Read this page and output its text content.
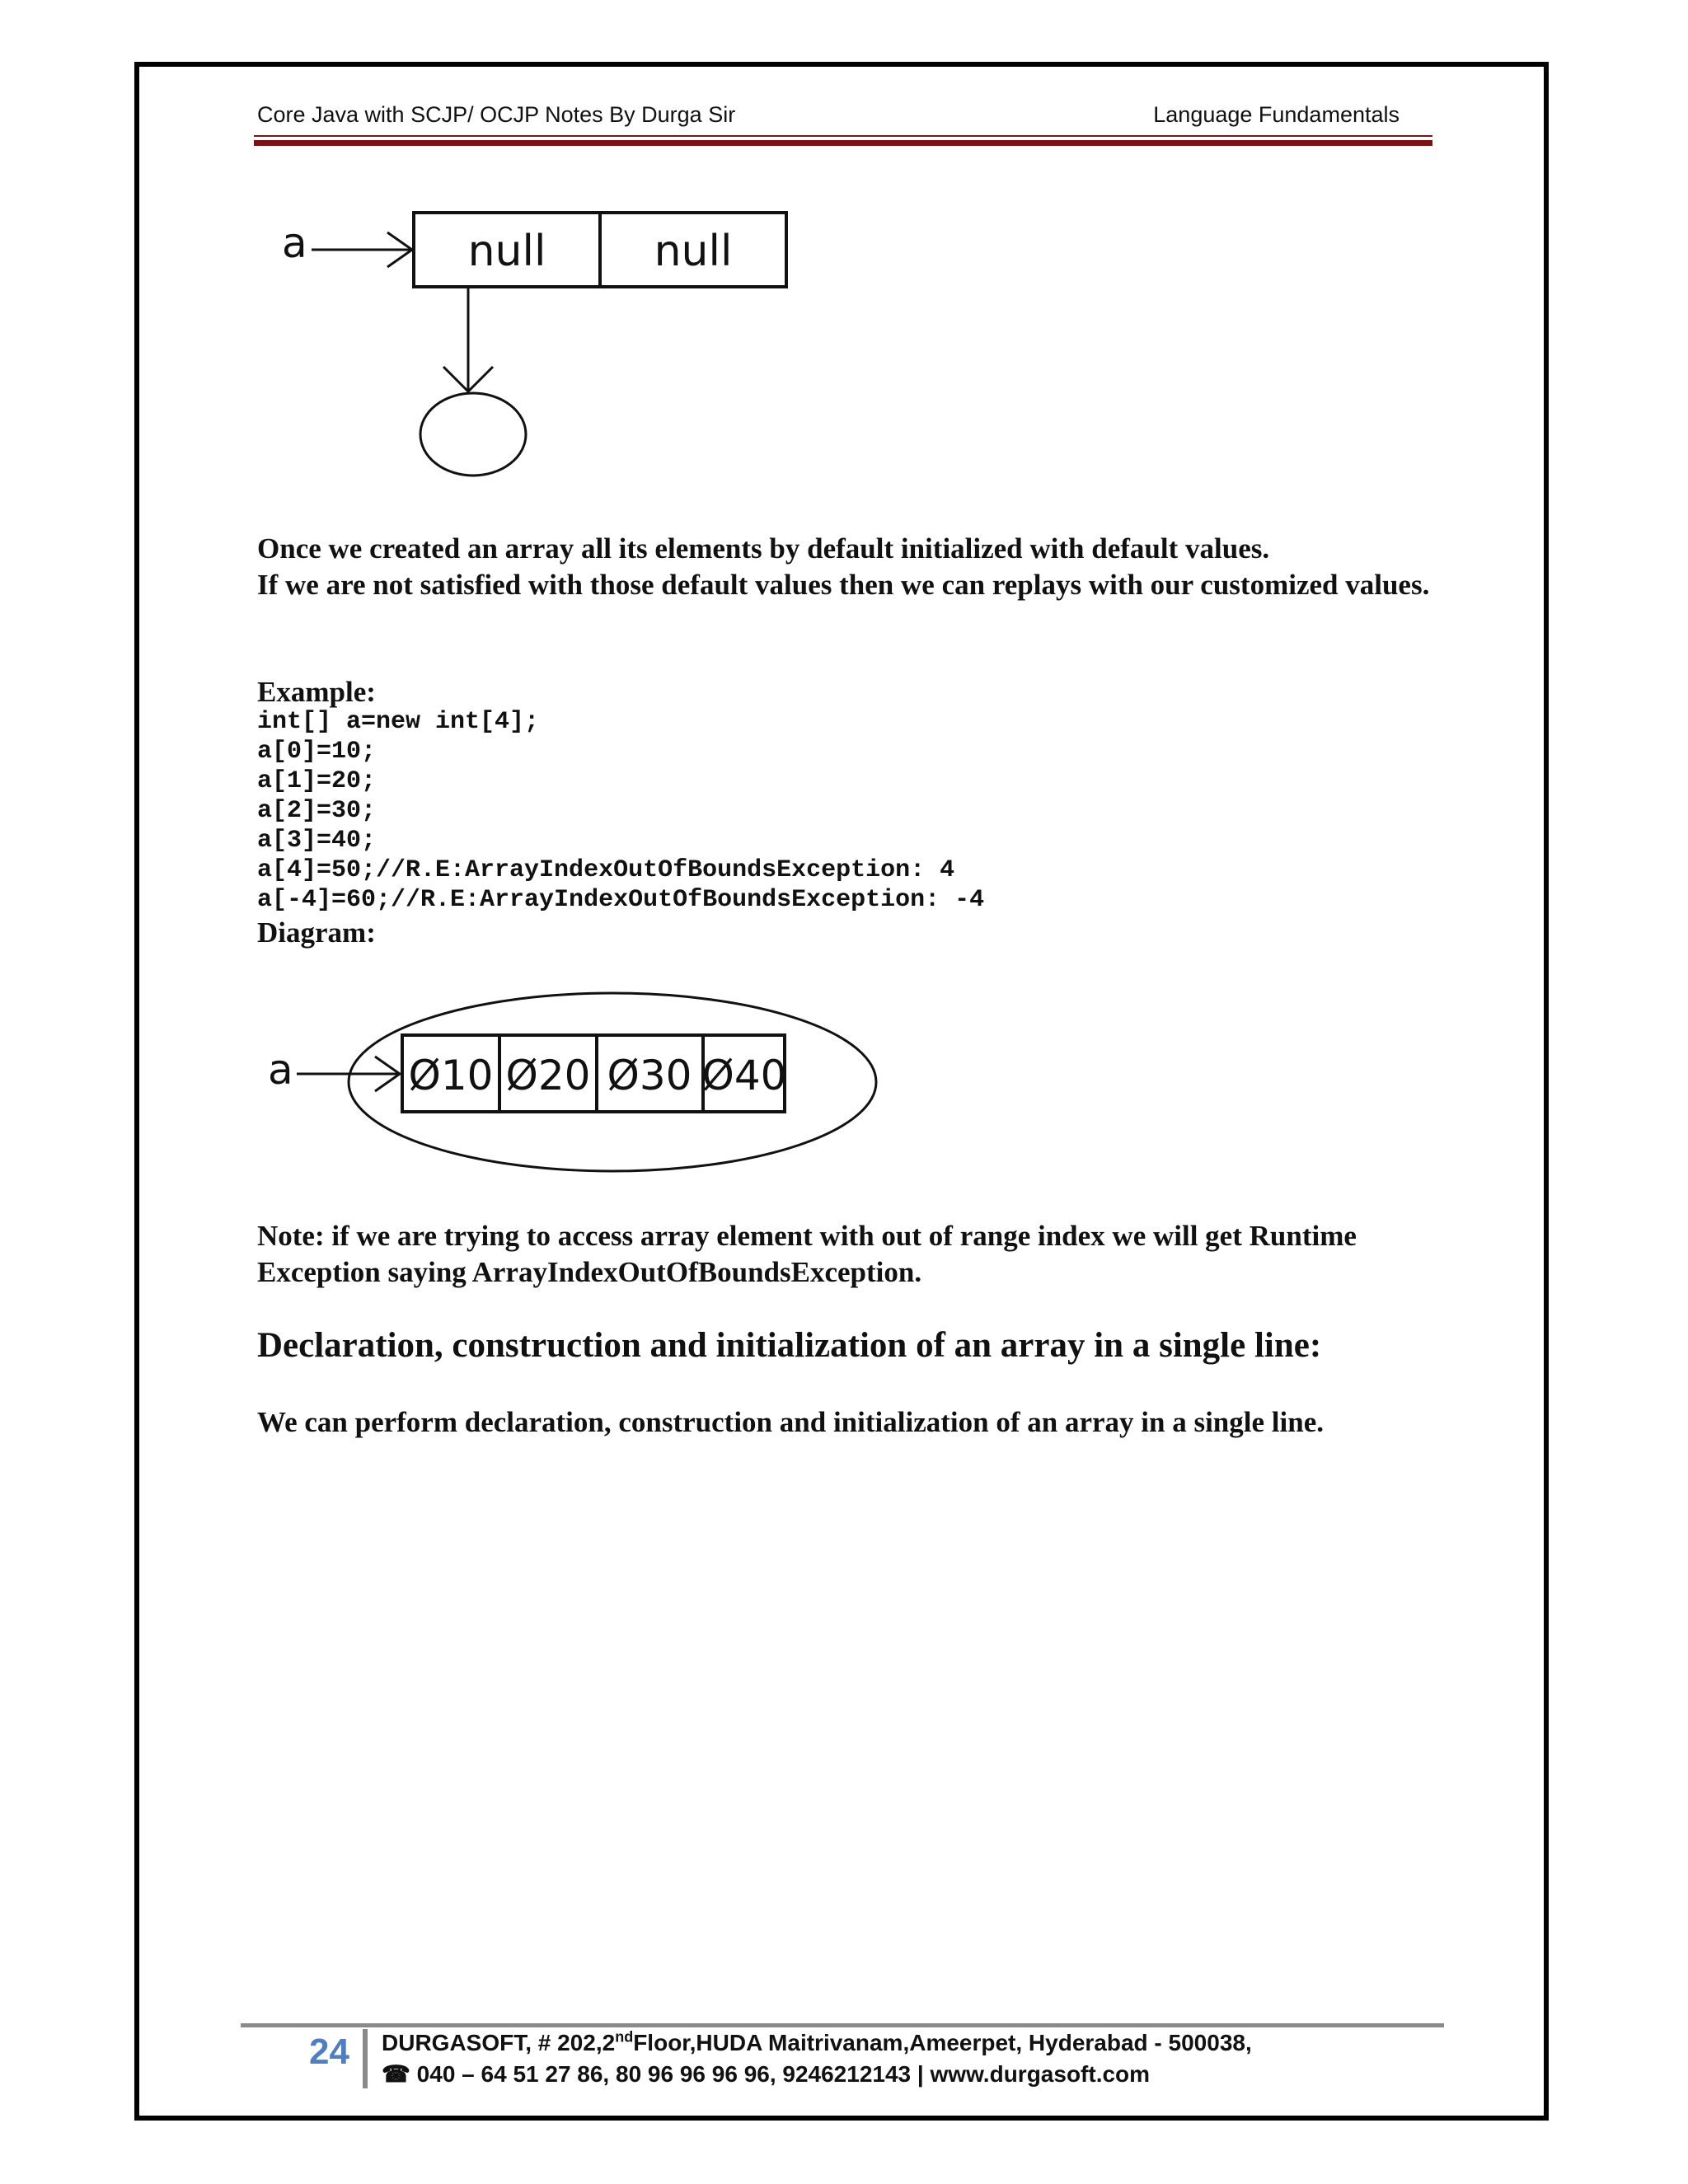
Core Java with SCJP/ OCJP Notes By Durga Sir	Language Fundamentals
a	null	null

Once we created an array all its elements by default initialized with default values.

If we are not satisfied with those default values then we can replays with our customized values.

Example:

int[] a=new int[4];
a[0]=10;
a[1]=20;
a[2]=30;
a[3]=40;
a[4]=50;//R.E:ArrayIndexOutOfBoundsException: 4
a[-4]=60;//R.E:ArrayIndexOutOfBoundsException: -4

Diagram:

a	Ø10 Ø20 Ø30 Ø40

Note: if we are trying to access array element with out of range index we will get Runtime Exception saying ArrayIndexOutOfBoundsException.

Declaration, construction and initialization of an array in a single line:

We can perform declaration, construction and initialization of an array in a single line.

24 DURGASOFT, # 202,2ndFloor,HUDA Maitrivanam,Ameerpet, Hyderabad - 500038,
☎ 040 – 64 51 27 86, 80 96 96 96 96, 9246212143 | www.durgasoft.com
